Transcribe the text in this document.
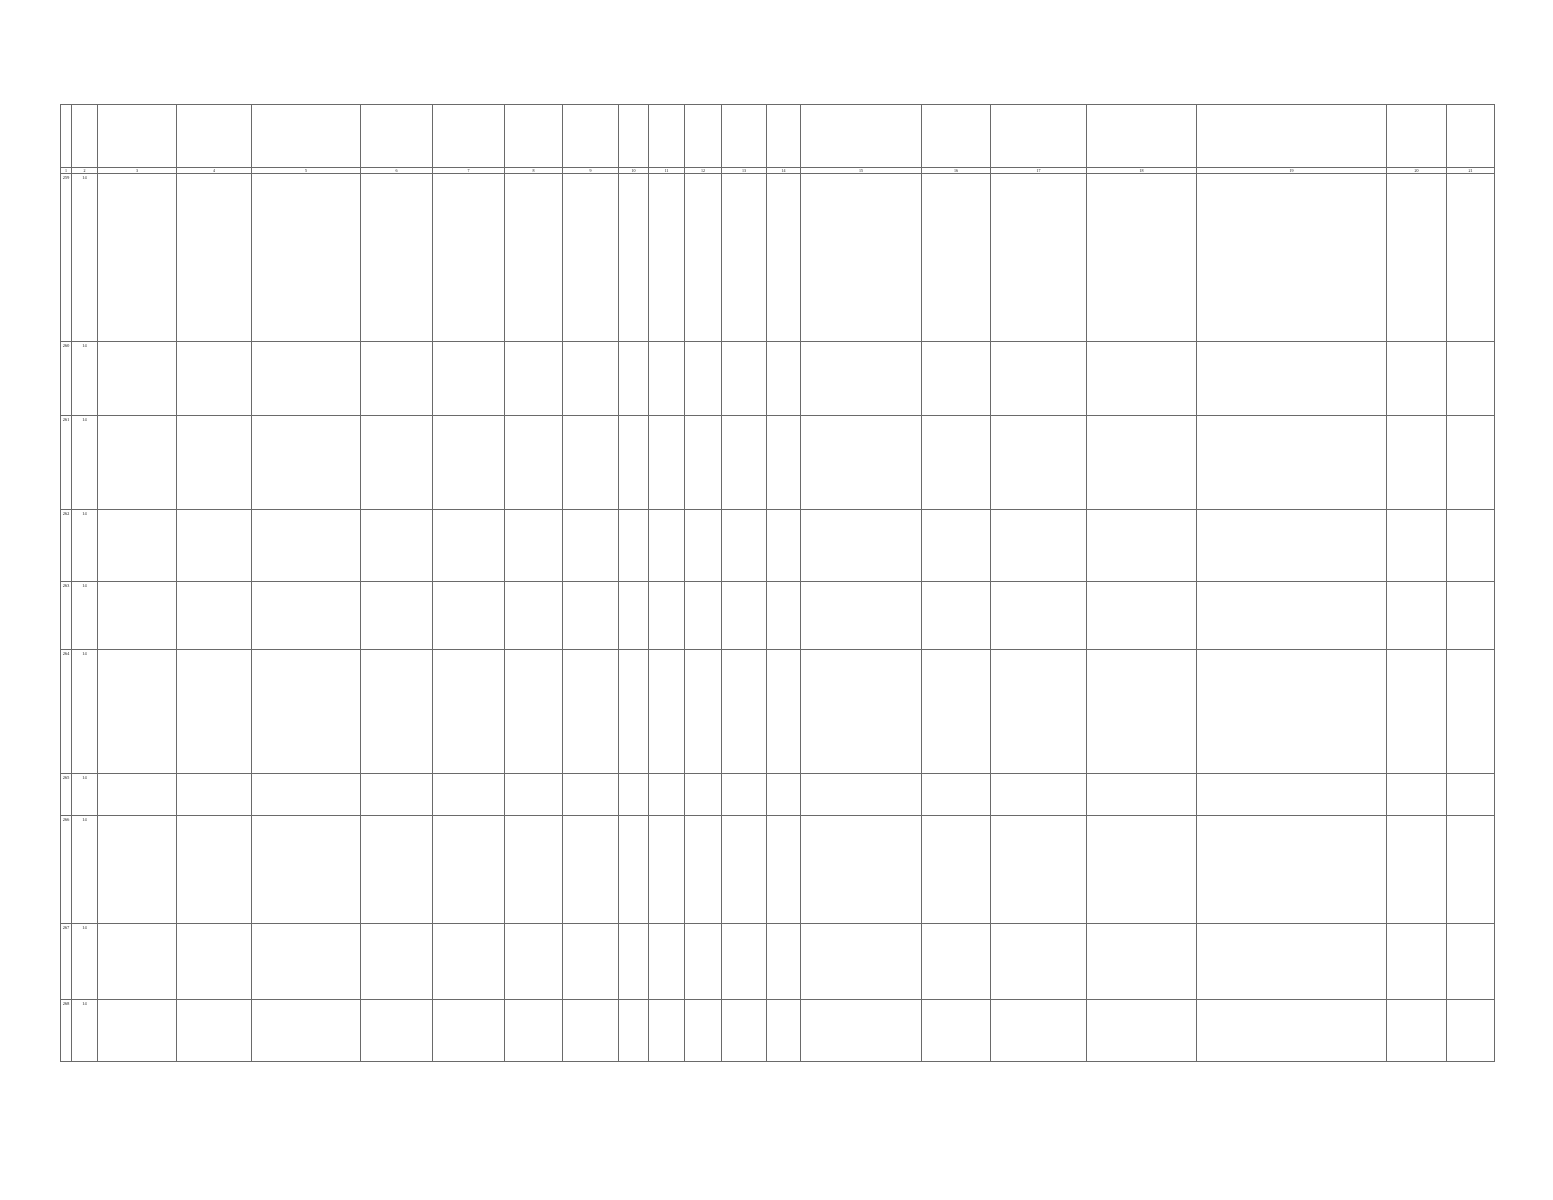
1	2	3	4	5	6	7	8	9	10	11	12	13	14	15	16	17	18	19	20	21
259	14																			
260	14																			
261	14																			
262	14																			
263	14																			
264	14																			
265	14																			
266	14																			
267	14																			
268	14																			
